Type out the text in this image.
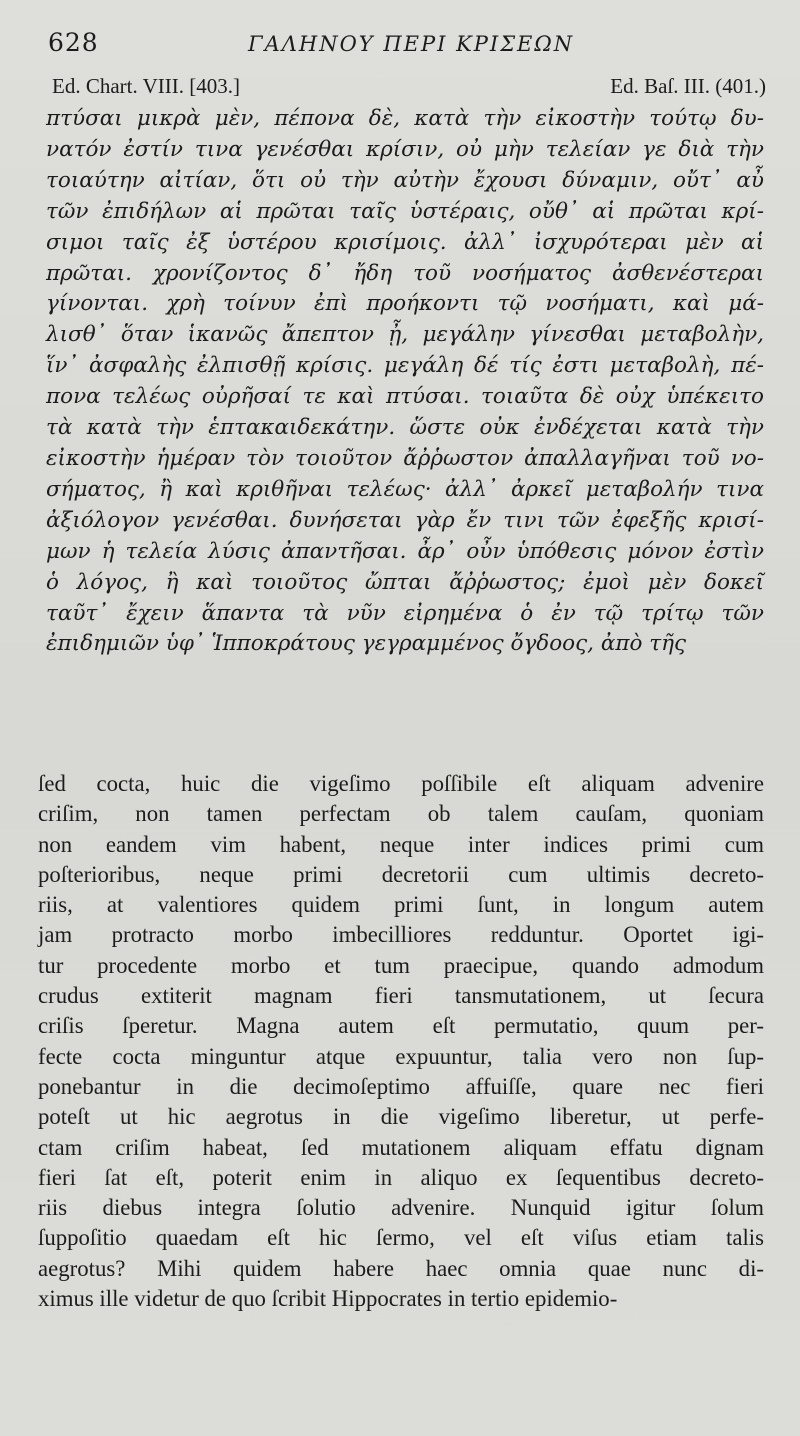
628	ΓΑΛΗΝΟΥ ΠΕΡΙ ΚΡΙΣΕΩΝ
Ed. Chart. VIII. [403.]	Ed. Baſ. III. (401.)
πτύσαι μικρὰ μὲν, πέπονα δὲ, κατὰ τὴν εἰκοστὴν τούτῳ δυ-
νατόν ἐστίν τινα γενέσθαι κρίσιν, οὐ μὴν τελείαν γε διὰ τὴν
τοιαύτην αἰτίαν, ὅτι οὐ τὴν αὐτὴν ἔχουσι δύναμιν, οὔτ᾽ αὖ
τῶν ἐπιδήλων αἱ πρῶται ταῖς ὑστέραις, οὔθ᾽ αἱ πρῶται κρί-
σιμοι ταῖς ἐξ ὑστέρου κρισίμοις. ἀλλ᾽ ἰσχυρότεραι μὲν αἱ
πρῶται. χρονίζοντος δ᾽ ἤδη τοῦ νοσήματος ἀσθενέστεραι
γίνονται. χρὴ τοίνυν ἐπὶ προήκοντι τῷ νοσήματι, καὶ μά-
λισθ᾽ ὅταν ἱκανῶς ἄπεπτον ᾖ, μεγάλην γίνεσθαι μεταβολὴν,
ἵν᾽ ἀσφαλὴς ἐλπισθῇ κρίσις. μεγάλη δέ τίς ἐστι μεταβολὴ, πέ-
πονα τελέως οὐρῆσαί τε καὶ πτύσαι. τοιαῦτα δὲ οὐχ ὑπέκειτο
τὰ κατὰ τὴν ἑπτακαιδεκάτην. ὥστε οὐκ ἐνδέχεται κατὰ τὴν
εἰκοστὴν ἡμέραν τὸν τοιοῦτον ἄῤῥωστον ἀπαλλαγῆναι τοῦ νο-
σήματος, ἢ καὶ κριθῆναι τελέως· ἀλλ᾽ ἀρκεῖ μεταβολήν τινα
ἀξιόλογον γενέσθαι. δυνήσεται γὰρ ἔν τινι τῶν ἐφεξῆς κρισί-
μων ἡ τελεία λύσις ἀπαντῆσαι. ἆρ᾽ οὖν ὑπόθεσις μόνον ἐστὶν
ὁ λόγος, ἢ καὶ τοιοῦτος ὤπται ἄῤῥωστος; ἐμοὶ μὲν δοκεῖ
ταῦτ᾽ ἔχειν ἅπαντα τὰ νῦν εἰρημένα ὁ ἐν τῷ τρίτῳ τῶν
ἐπιδημιῶν ὑφ᾽ Ἱπποκράτους γεγραμμένος ὄγδοος, ἀπὸ τῆς
ſed cocta, huic die vigeſimo poſſibile eſt aliquam advenire
criſim, non tamen perfectam ob talem cauſam, quoniam
non eandem vim habent, neque inter indices primi cum
poſterioribus, neque primi decretorii cum ultimis decreto-
riis, at valentiores quidem primi ſunt, in longum autem
jam protracto morbo imbecilliores redduntur. Oportet igi-
tur procedente morbo et tum praecipue, quando admodum
crudus extiterit magnam fieri tansmutationem, ut ſecura
criſis ſperetur. Magna autem eſt permutatio, quum per-
fecte cocta minguntur atque expuuntur, talia vero non ſup-
ponebantur in die decimoſeptimo affuiſſe, quare nec fieri
poteſt ut hic aegrotus in die vigeſimo liberetur, ut perfe-
ctam criſim habeat, ſed mutationem aliquam effatu dignam
fieri ſat eſt, poterit enim in aliquo ex ſequentibus decreto-
riis diebus integra ſolutio advenire. Nunquid igitur ſolum
ſuppoſitio quaedam eſt hic ſermo, vel eſt viſus etiam talis
aegrotus? Mihi quidem habere haec omnia quae nunc di-
ximus ille videtur de quo ſcribit Hippocrates in tertio epidemio-
